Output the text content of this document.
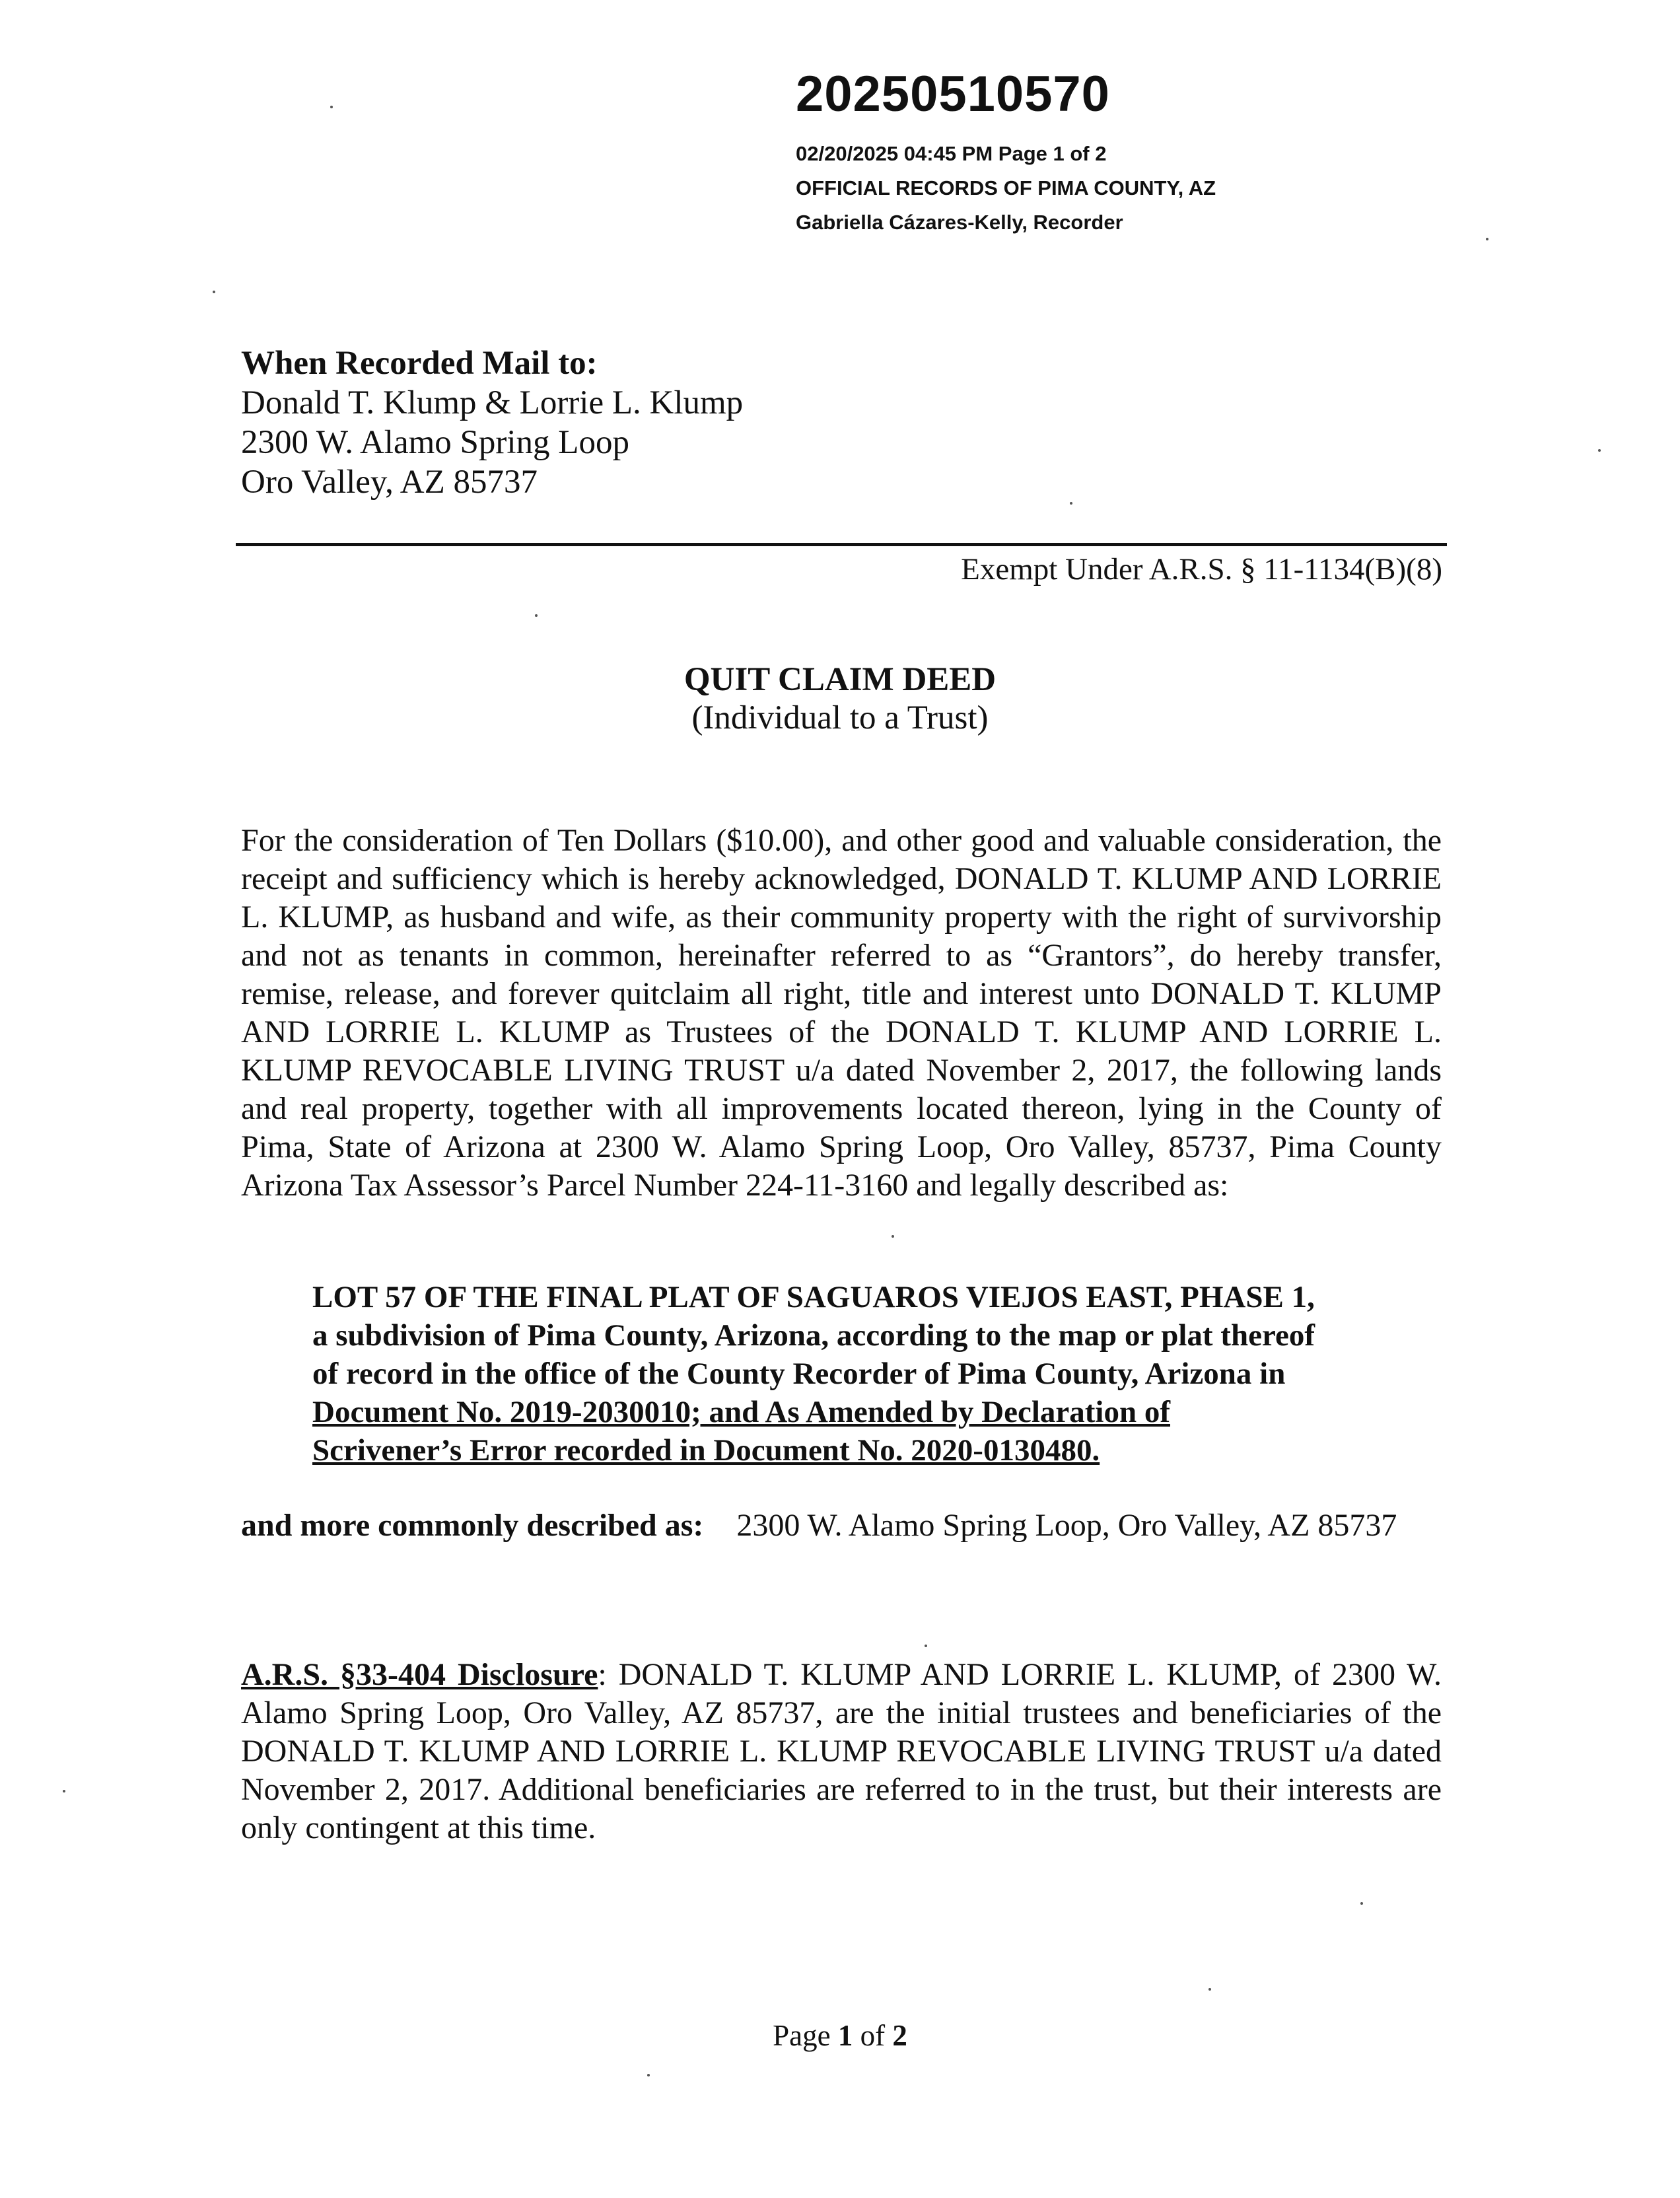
20250510570
02/20/2025 04:45 PM Page 1 of 2
OFFICIAL RECORDS OF PIMA COUNTY, AZ
Gabriella Cázares-Kelly, Recorder
When Recorded Mail to:
Donald T. Klump & Lorrie L. Klump
2300 W. Alamo Spring Loop
Oro Valley, AZ 85737
Exempt Under A.R.S. § 11-1134(B)(8)
QUIT CLAIM DEED
(Individual to a Trust)
For the consideration of Ten Dollars ($10.00), and other good and valuable consideration, the receipt and sufficiency which is hereby acknowledged, DONALD T. KLUMP AND LORRIE L. KLUMP, as husband and wife, as their community property with the right of survivorship and not as tenants in common, hereinafter referred to as “Grantors”, do hereby transfer, remise, release, and forever quitclaim all right, title and interest unto DONALD T. KLUMP AND LORRIE L. KLUMP as Trustees of the DONALD T. KLUMP AND LORRIE L. KLUMP REVOCABLE LIVING TRUST u/a dated November 2, 2017, the following lands and real property, together with all improvements located thereon, lying in the County of Pima, State of Arizona at 2300 W. Alamo Spring Loop, Oro Valley, 85737, Pima County Arizona Tax Assessor’s Parcel Number 224-11-3160 and legally described as:
LOT 57 OF THE FINAL PLAT OF SAGUAROS VIEJOS EAST, PHASE 1,
a subdivision of Pima County, Arizona, according to the map or plat thereof
of record in the office of the County Recorder of Pima County, Arizona in
Document No. 2019-2030010; and As Amended by Declaration of
Scrivener’s Error recorded in Document No. 2020-0130480.
and more commonly described as: 2300 W. Alamo Spring Loop, Oro Valley, AZ 85737
A.R.S. §33-404 Disclosure: DONALD T. KLUMP AND LORRIE L. KLUMP, of 2300 W. Alamo Spring Loop, Oro Valley, AZ 85737, are the initial trustees and beneficiaries of the DONALD T. KLUMP AND LORRIE L. KLUMP REVOCABLE LIVING TRUST u/a dated November 2, 2017. Additional beneficiaries are referred to in the trust, but their interests are only contingent at this time.
Page 1 of 2
